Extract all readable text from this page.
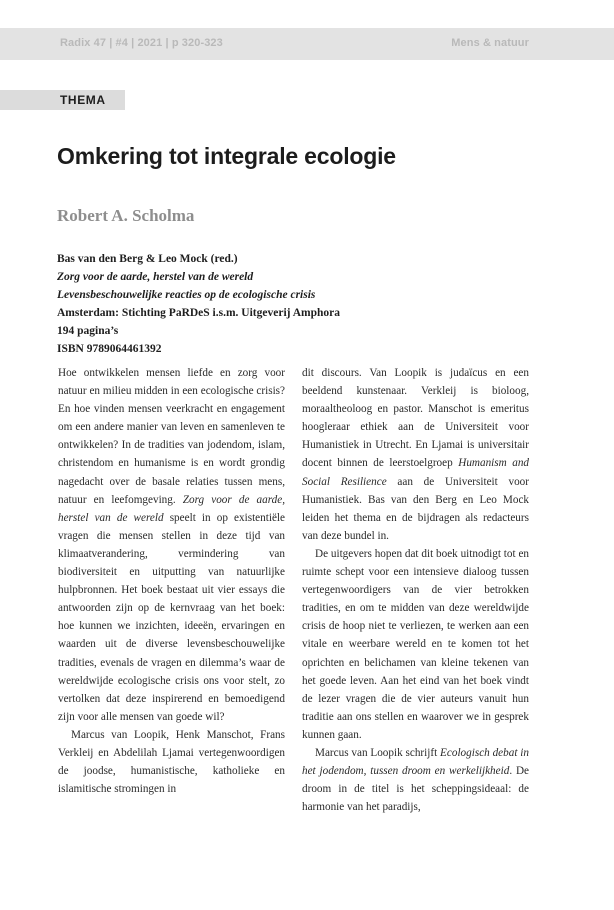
Radix 47 | #4 | 2021 | p 320-323	Mens & natuur
THEMA
Omkering tot integrale ecologie
Robert A. Scholma
Bas van den Berg & Leo Mock (red.)
Zorg voor de aarde, herstel van de wereld
Levensbeschouwelijke reacties op de ecologische crisis
Amsterdam: Stichting PaRDeS i.s.m. Uitgeverij Amphora
194 pagina’s
ISBN 9789064461392

Hoe ontwikkelen mensen liefde en zorg voor natuur en milieu midden in een ecologische crisis? En hoe vinden mensen veerkracht en engagement om een andere manier van leven en samenleven te ontwikkelen? In de tradities van jodendom, islam, christendom en humanisme is en wordt grondig nagedacht over de basale relaties tussen mens, natuur en leefomgeving. Zorg voor de aarde, herstel van de wereld speelt in op existentiële vragen die mensen stellen in deze tijd van klimaatverandering, vermindering van biodiversiteit en uitputting van natuurlijke hulpbronnen. Het boek bestaat uit vier essays die antwoorden zijn op de kernvraag van het boek: hoe kunnen we inzichten, ideeën, ervaringen en waarden uit de diverse levensbeschouwelijke tradities, evenals de vragen en dilemma’s waar de wereldwijde ecologische crisis ons voor stelt, zo vertolken dat deze inspirerend en bemoedigend zijn voor alle mensen van goede wil?

Marcus van Loopik, Henk Manschot, Frans Verkleij en Abdelilah Ljamai vertegenwoordigen de joodse, humanistische, katholieke en islamitische stromingen in

dit discours. Van Loopik is judaïcus en een beeldend kunstenaar. Verkleij is bioloog, moraaltheoloog en pastor. Manschot is emeritus hoogleraar ethiek aan de Universiteit voor Humanistiek in Utrecht. En Ljamai is universitair docent binnen de leerstoelgroep Humanism and Social Resilience aan de Universiteit voor Humanistiek. Bas van den Berg en Leo Mock leiden het thema en de bijdragen als redacteurs van deze bundel in.

De uitgevers hopen dat dit boek uitnodigt tot en ruimte schept voor een intensieve dialoog tussen vertegenwoordigers van de vier betrokken tradities, en om te midden van deze wereldwijde crisis de hoop niet te verliezen, te werken aan een vitale en weerbare wereld en te komen tot het oprichten en belichamen van kleine tekenen van het goede leven. Aan het eind van het boek vindt de lezer vragen die de vier auteurs vanuit hun traditie aan ons stellen en waarover we in gesprek kunnen gaan.

Marcus van Loopik schrijft Ecologisch debat in het jodendom, tussen droom en werkelijkheid. De droom in de titel is het scheppingsideaal: de harmonie van het paradijs,
